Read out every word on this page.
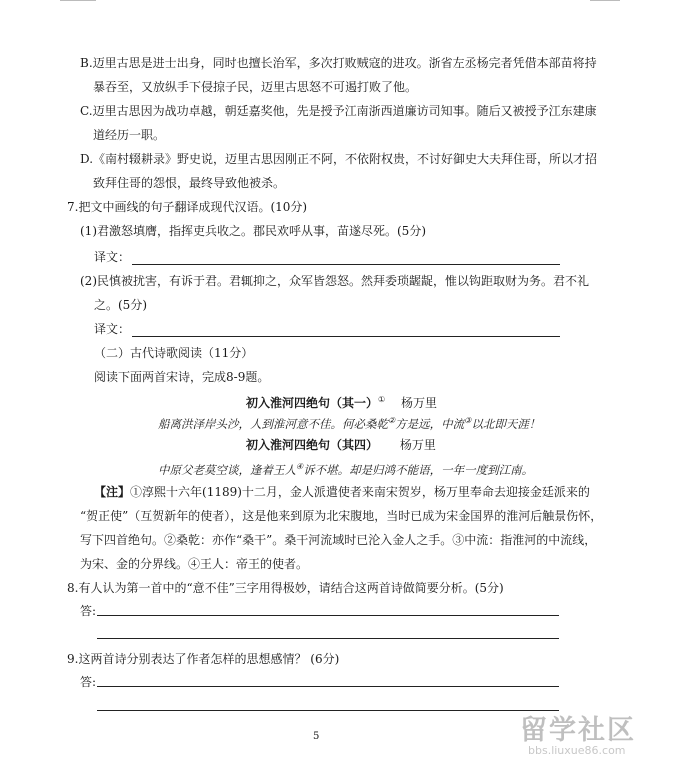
B.迈里古思是进士出身，同时也擅长治军，多次打败贼寇的进攻。浙省左丞杨完者凭借本部苗将持
暴吞至，又放纵手下侵掠子民，迈里古思怒不可遏打败了他。
C.迈里古思因为战功卓越，朝廷嘉奖他，先是授予江南浙西道廉访司知事。随后又被授予江东建康
道经历一职。
D.《南村辍耕录》野史说，迈里古思因刚正不阿，不依附权贵，不讨好御史大夫拜住哥，所以才招
致拜住哥的怨恨，最终导致他被杀。
7.把文中画线的句子翻译成现代汉语。(10分)
(1)君激怒填膺，指挥吏兵收之。郡民欢呼从事，苗遂尽死。(5分)
译文：
(2)民慎被扰害，有诉于君。君辄抑之，众军皆怨怒。然拜委琐龌龊，惟以钩距取财为务。君不礼
之。(5分)
译文：
（二）古代诗歌阅读（11分）
阅读下面两首宋诗，完成8-9题。
初入淮河四绝句（其一）① 杨万里
船离洪泽岸头沙，人到淮河意不佳。何必桑乾②方是远，中流③以北即天涯！
初入淮河四绝句（其四） 杨万里
中原父老莫空谈，逢着王人④诉不堪。却是归鸿不能语，一年一度到江南。
【注】①淳熙十六年(1189)十二月，金人派遣使者来南宋贺岁，杨万里奉命去迎接金廷派来的
“贺正使”（互贺新年的使者），这是他来到原为北宋腹地，当时已成为宋金国界的淮河后触景伤怀，
写下四首绝句。②桑乾：亦作“桑干”。桑干河流域时已沦入金人之手。③中流：指淮河的中流线，
为宋、金的分界线。④王人：帝王的使者。
8.有人认为第一首中的“意不佳”三字用得极妙，请结合这两首诗做简要分析。(5分)
答:
9.这两首诗分别表达了作者怎样的思想感情？ (6分)
答:
5	留学社区
bbs.liuxue86.com
